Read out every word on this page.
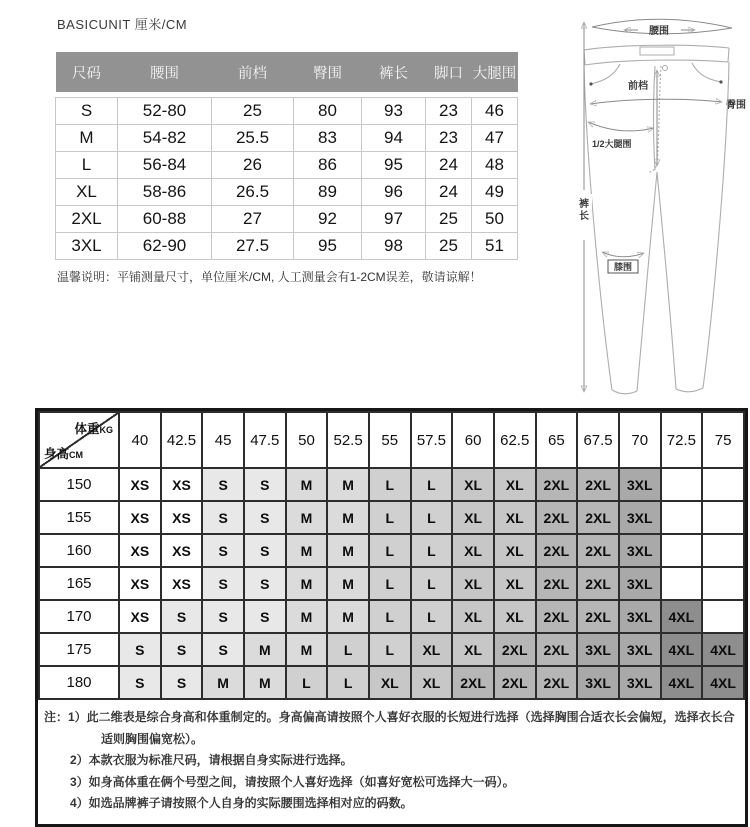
BASICUNIT 厘米/CM
尺码	腰围	前档	臀围	裤长	脚口	大腿围

S	52-80	25	80	93	23	46
M	54-82	25.5	83	94	23	47
L	56-84	26	86	95	24	48
XL	58-86	26.5	89	96	24	49
2XL	60-88	27	92	97	25	50
3XL	62-90	27.5	95	98	25	51
温馨说明：平铺测量尺寸，单位厘米/CM, 人工测量会有1-2CM误差，敬请谅解！
腰围
前档
臀围
1/2大腿围
膝围
裤长
体重KG
身高CM	40	42.5	45	47.5	50	52.5	55	57.5	60	62.5	65	67.5	70	72.5	75
150	XS	XS	S	S	M	M	L	L	XL	XL	2XL	2XL	3XL		
155	XS	XS	S	S	M	M	L	L	XL	XL	2XL	2XL	3XL		
160	XS	XS	S	S	M	M	L	L	XL	XL	2XL	2XL	3XL		
165	XS	XS	S	S	M	M	L	L	XL	XL	2XL	2XL	3XL		
170	XS	S	S	S	M	M	L	L	XL	XL	2XL	2XL	3XL	4XL	
175	S	S	S	M	M	L	L	XL	XL	2XL	2XL	3XL	3XL	4XL	4XL
180	S	S	M	M	L	L	XL	XL	2XL	2XL	2XL	3XL	3XL	4XL	4XL
注：1）此二维表是综合身高和体重制定的。身高偏高请按照个人喜好衣服的长短进行选择（选择胸围合适衣长会偏短，选择衣长合适则胸围偏宽松）。
2）本款衣服为标准尺码，请根据自身实际进行选择。
3）如身高体重在俩个号型之间，请按照个人喜好选择（如喜好宽松可选择大一码）。
4）如选品牌裤子请按照个人自身的实际腰围选择相对应的码数。
